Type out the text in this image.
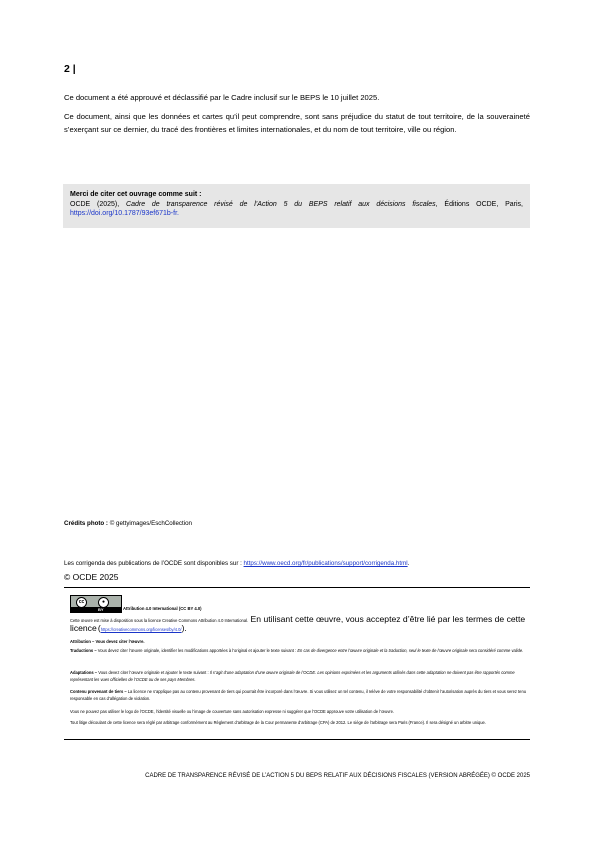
2 |
Ce document a été approuvé et déclassifié par le Cadre inclusif sur le BEPS le 10 juillet 2025.
Ce document, ainsi que les données et cartes qu’il peut comprendre, sont sans préjudice du statut de tout territoire, de la souveraineté s’exerçant sur ce dernier, du tracé des frontières et limites internationales, et du nom de tout territoire, ville ou région.
Merci de citer cet ouvrage comme suit :
OCDE (2025), Cadre de transparence révisé de l’Action 5 du BEPS relatif aux décisions fiscales, Éditions OCDE, Paris, https://doi.org/10.1787/93ef671b-fr.
Crédits photo : © gettyimages/EschCollection
Les corrigenda des publications de l’OCDE sont disponibles sur : https://www.oecd.org/fr/publications/support/corrigenda.html.
© OCDE 2025
cc	●
BY	Attribution 4.0 International (CC BY 4.0)
Cette œuvre est mise à disposition sous la licence Creative Commons Attribution 4.0 International. En utilisant cette œuvre, vous acceptez d’être lié par les termes de cette licence (https://creativecommons.org/licenses/by/4.0/).
Attribution – Vous devez citer l’œuvre.
Traductions – Vous devez citer l’œuvre originale, identifier les modifications apportées à l’original et ajouter le texte suivant : En cas de divergence entre l’œuvre originale et la traduction, seul le texte de l’œuvre originale sera considéré comme valide.
Adaptations – Vous devez citer l’œuvre originale et ajouter le texte suivant : Il s’agit d’une adaptation d’une œuvre originale de l’OCDE. Les opinions exprimées et les arguments utilisés dans cette adaptation ne doivent pas être rapportés comme représentant les vues officielles de l’OCDE ou de ses pays Membres.
Contenu provenant de tiers – La licence ne s’applique pas au contenu provenant de tiers qui pourrait être incorporé dans l’œuvre. Si vous utilisez un tel contenu, il relève de votre responsabilité d’obtenir l’autorisation auprès du tiers et vous serez tenu responsable en cas d’allégation de violation.
Vous ne pouvez pas utiliser le logo de l’OCDE, l’identité visuelle ou l’image de couverture sans autorisation expresse ni suggérer que l’OCDE approuve votre utilisation de l’œuvre.
Tout litige découlant de cette licence sera réglé par arbitrage conformément au Règlement d’arbitrage de la Cour permanente d’arbitrage (CPA) de 2012. Le siège de l’arbitrage sera Paris (France). Il sera désigné un arbitre unique.
CADRE DE TRANSPARENCE RÉVISÉ DE L’ACTION 5 DU BEPS RELATIF AUX DÉCISIONS FISCALES (VERSION ABRÉGÉE) © OCDE 2025
